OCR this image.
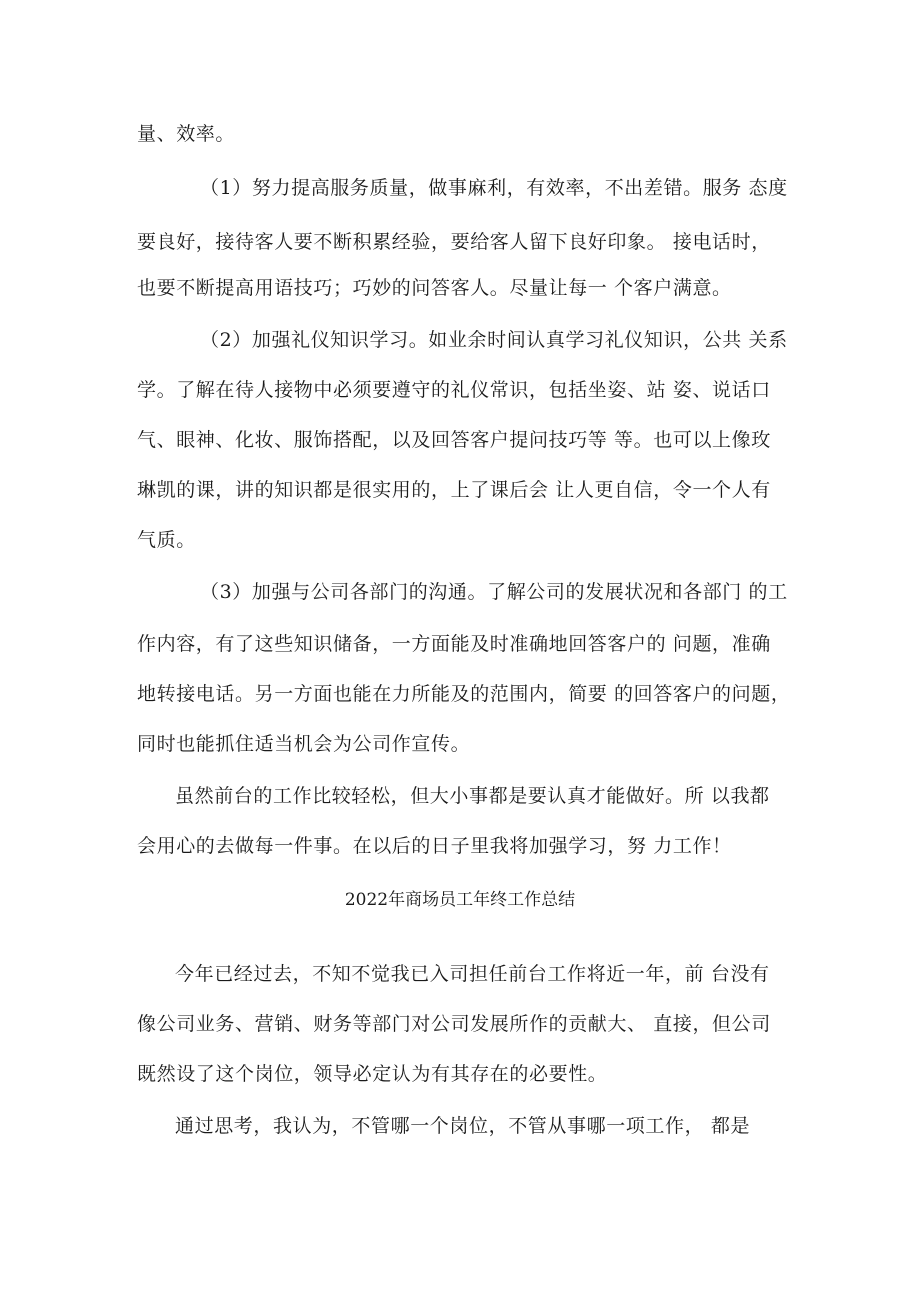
量、效率。
（1）努力提高服务质量，做事麻利，有效率，不出差错。服务 态度
要良好，接待客人要不断积累经验，要给客人留下良好印象。 接电话时，
也要不断提高用语技巧；巧妙的问答客人。尽量让每一 个客户满意。
（2）加强礼仪知识学习。如业余时间认真学习礼仪知识，公共 关系
学。了解在待人接物中必须要遵守的礼仪常识，包括坐姿、站 姿、说话口
气、眼神、化妆、服饰搭配，以及回答客户提问技巧等 等。也可以上像玫
琳凯的课，讲的知识都是很实用的，上了课后会 让人更自信，令一个人有
气质。
（3）加强与公司各部门的沟通。了解公司的发展状况和各部门 的工
作内容，有了这些知识储备，一方面能及时准确地回答客户的 问题，准确
地转接电话。另一方面也能在力所能及的范围内，简要 的回答客户的问题，
同时也能抓住适当机会为公司作宣传。
虽然前台的工作比较轻松，但大小事都是要认真才能做好。所 以我都
会用心的去做每一件事。在以后的日子里我将加强学习，努 力工作！
2022年商场员工年终工作总结
今年已经过去，不知不觉我已入司担任前台工作将近一年，前 台没有
像公司业务、营销、财务等部门对公司发展所作的贡献大、 直接，但公司
既然设了这个岗位，领导必定认为有其存在的必要性。
通过思考，我认为，不管哪一个岗位，不管从事哪一项工作， 都是
